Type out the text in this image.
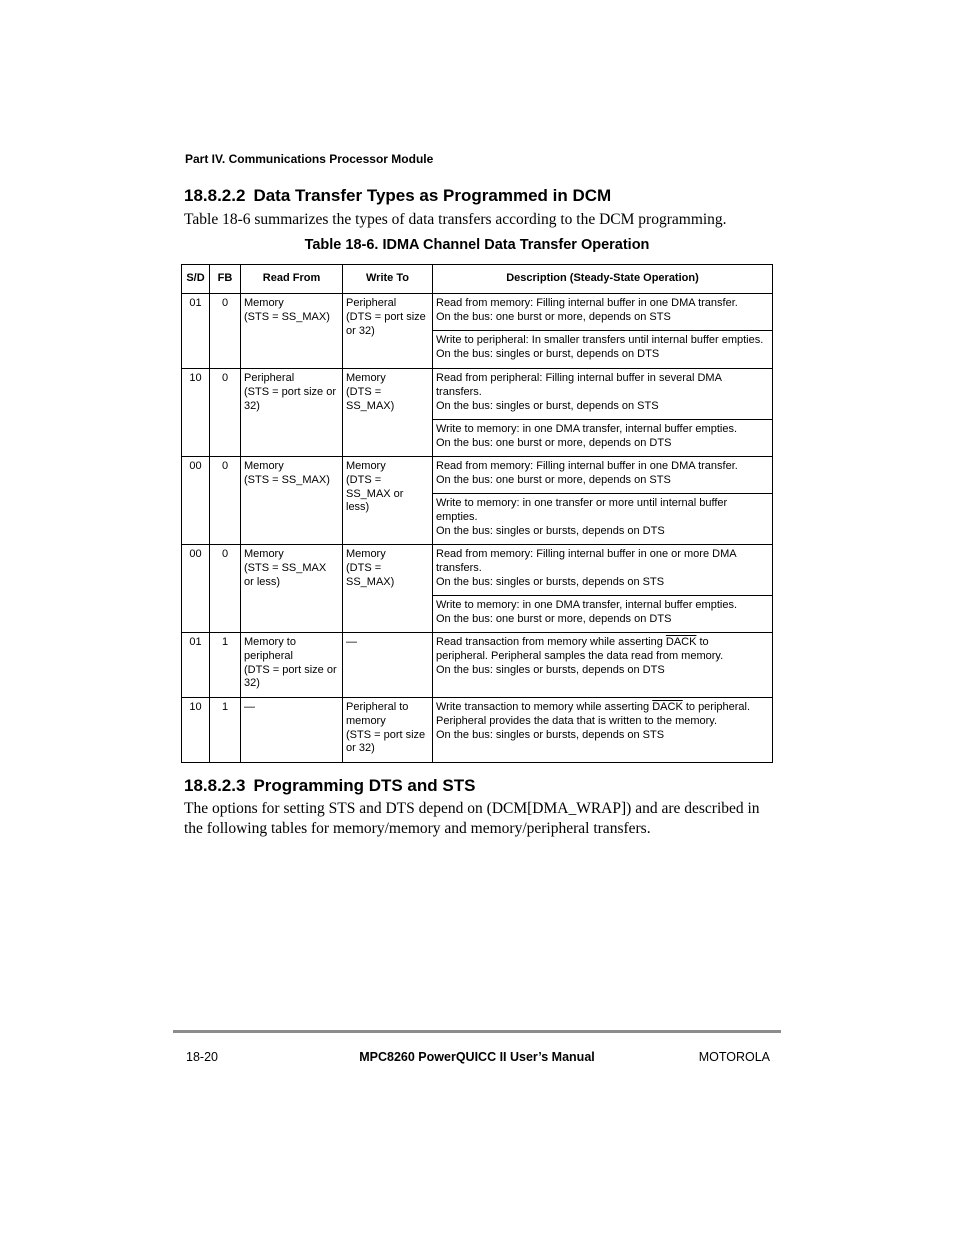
Part IV. Communications Processor Module
18.8.2.2 Data Transfer Types as Programmed in DCM
Table 18-6 summarizes the types of data transfers according to the DCM programming.
Table 18-6. IDMA Channel Data Transfer Operation
S/D	FB	Read From	Write To	Description (Steady-State Operation)
01	0	Memory
(STS = SS_MAX)	Peripheral
(DTS = port size
or 32)	Read from memory: Filling internal buffer in one DMA transfer.
On the bus: one burst or more, depends on STS

				Write to peripheral: In smaller transfers until internal buffer empties.
On the bus: singles or burst, depends on DTS

10	0	Peripheral
(STS = port size or
32)	Memory
(DTS =
SS_MAX)	Read from peripheral: Filling internal buffer in several DMA
transfers.
On the bus: singles or burst, depends on STS

				Write to memory: in one DMA transfer, internal buffer empties.
On the bus: one burst or more, depends on DTS

00	0	Memory
(STS = SS_MAX)	Memory
(DTS =
SS_MAX or
less)	Read from memory: Filling internal buffer in one DMA transfer.
On the bus: one burst or more, depends on STS

				Write to memory: in one transfer or more until internal buffer
empties.
On the bus: singles or bursts, depends on DTS

00	0	Memory
(STS = SS_MAX
or less)	Memory
(DTS =
SS_MAX)	Read from memory: Filling internal buffer in one or more DMA
transfers.
On the bus: singles or bursts, depends on STS

				Write to memory: in one DMA transfer, internal buffer empties.
On the bus: one burst or more, depends on DTS

01	1	Memory to
peripheral
(DTS = port size or
32)	—	Read transaction from memory while asserting DACK to
peripheral. Peripheral samples the data read from memory.
On the bus: singles or bursts, depends on DTS

10	1	—	Peripheral to
memory
(STS = port size
or 32)	Write transaction to memory while asserting DACK to peripheral.
Peripheral provides the data that is written to the memory.
On the bus: singles or bursts, depends on STS
18.8.2.3 Programming DTS and STS
The options for setting STS and DTS depend on (DCM[DMA_WRAP]) and are described in the following tables for memory/memory and memory/peripheral transfers.
18-20	MPC8260 PowerQUICC II User’s Manual	MOTOROLA
